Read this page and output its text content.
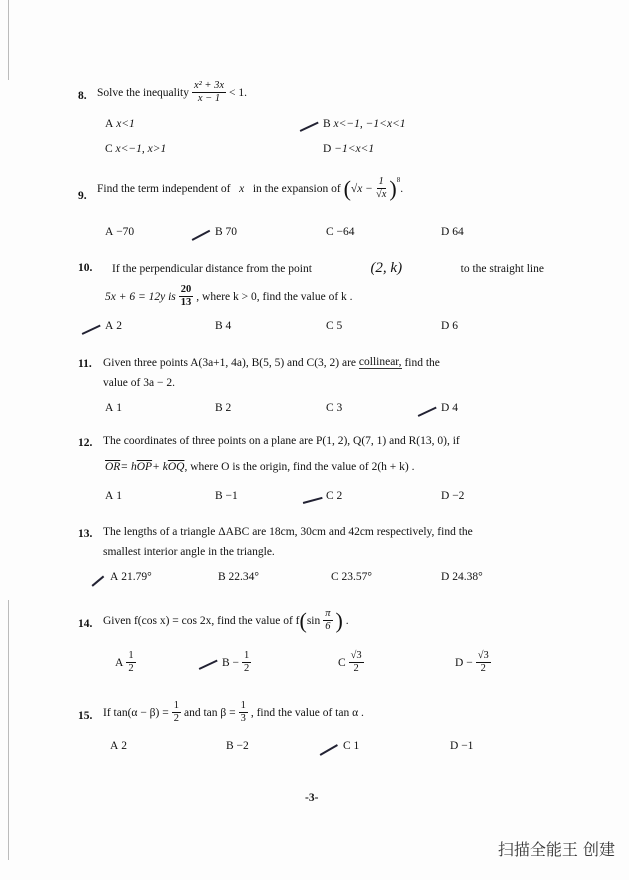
8. Solve the inequality
x² + 3x
x − 1 < 1.
A
x<1	B
x<−1, −1<x<1
C
x<−1, x>1	D
−1<x<1
9.
Find the term independent of
x
in the expansion of
( $√x - \frac{1}{√x} )^8$
.
A
−70	B
70	C
−64	D
64
10. If the perpendicular distance from the point	(2, k)	to the straight line
5x + 6 = 12y is
20
13 , where k > 0, find the value of k .
A
2	B
4	C
5	D
6
11. Given three points A(3a+1, 4a), B(5, 5) and C(3, 2) are
collinear,
find the
value of 3a − 2.
A
1	B
2	C
3	D
4
12. The coordinates of three points on a plane are P(1, 2), Q(7, 1) and R(13, 0), if
$\overline{OR} = h$ $\overline{OP} + k$ $\overline{OQ}$ , where O is the origin, find the value of 2(h + k) .
A
1	B
−1	C
2	D
−2
13. The lengths of a triangle ΔABC are 18cm, 30cm and 42cm respectively, find the
smallest interior angle in the triangle.
A
21.79°	B
22.34°	C
23.57°	D
24.38°
14. Given f(cos x) = cos 2x, find the value of f ( sin
π
6 )
.
A
1
2	B
− $\frac{1}{2}$	C
√3
2	D
− $\frac{√3}{2}$
15. If $\tan(\alpha - \beta) = \frac{1}{2}$ and $\tan \beta = \frac{1}{3}$ , find the value of tan α .
A
2	B
−2	C
1	D
−1
-3-
扫描全能王 创建
